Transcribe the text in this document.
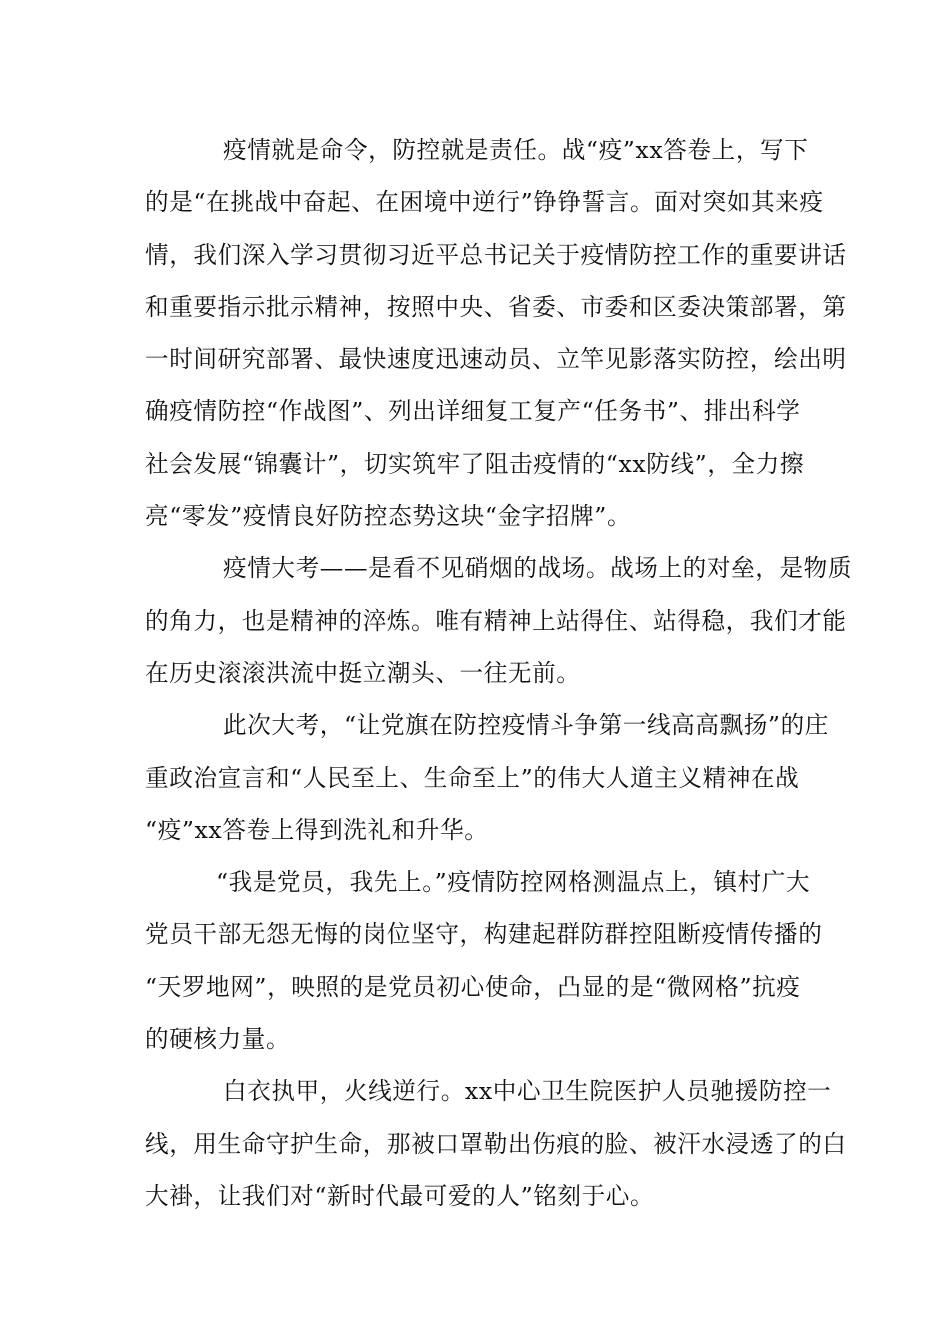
疫情就是命令，防控就是责任。战“疫”xx答卷上，写下
的是“在挑战中奋起、在困境中逆行”铮铮誓言。面对突如其来疫
情，我们深入学习贯彻习近平总书记关于疫情防控工作的重要讲话
和重要指示批示精神，按照中央、省委、市委和区委决策部署，第
一时间研究部署、最快速度迅速动员、立竿见影落实防控，绘出明
确疫情防控“作战图”、列出详细复工复产“任务书”、排出科学
社会发展“锦囊计”，切实筑牢了阻击疫情的“xx防线”，全力擦
亮“零发”疫情良好防控态势这块“金字招牌”。

疫情大考——是看不见硝烟的战场。战场上的对垒，是物质
的角力，也是精神的淬炼。唯有精神上站得住、站得稳，我们才能
在历史滚滚洪流中挺立潮头、一往无前。

此次大考，“让党旗在防控疫情斗争第一线高高飘扬”的庄
重政治宣言和“人民至上、生命至上”的伟大人道主义精神在战
“疫”xx答卷上得到洗礼和升华。

“我是党员，我先上。”疫情防控网格测温点上，镇村广大
党员干部无怨无悔的岗位坚守，构建起群防群控阻断疫情传播的
“天罗地网”，映照的是党员初心使命，凸显的是“微网格”抗疫
的硬核力量。

白衣执甲，火线逆行。xx中心卫生院医护人员驰援防控一
线，用生命守护生命，那被口罩勒出伤痕的脸、被汗水浸透了的白
大褂，让我们对“新时代最可爱的人”铭刻于心。
